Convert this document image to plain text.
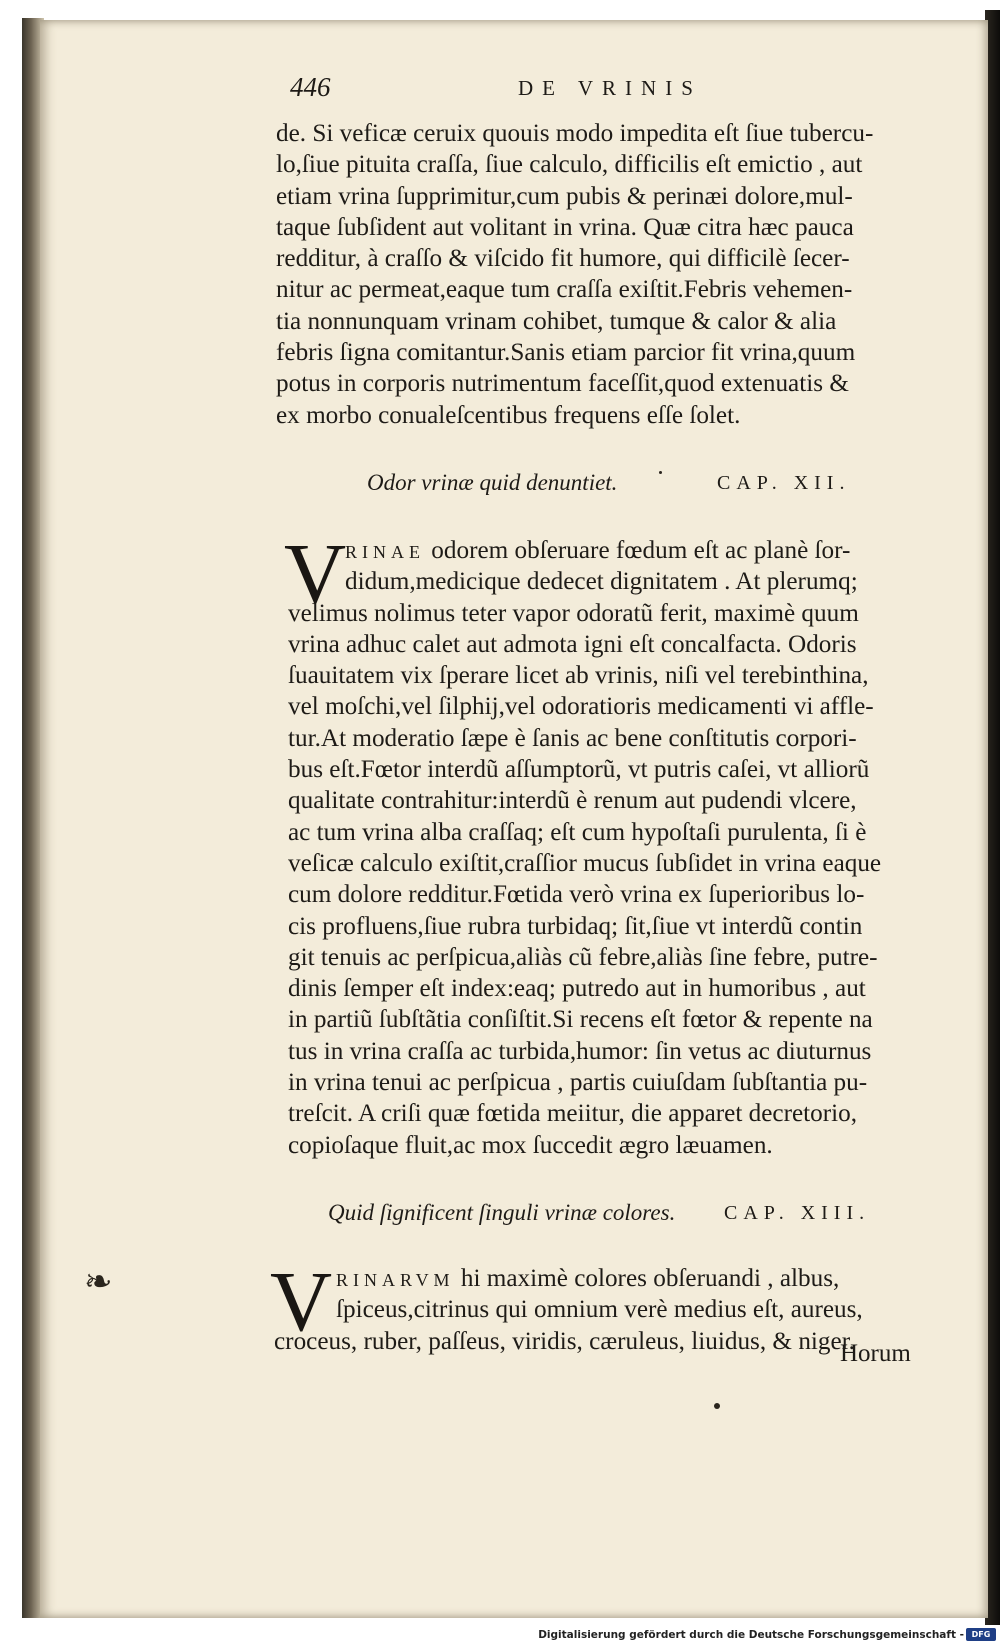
446	DE VRINIS
de. Si veficæ ceruix quouis modo impedita eſt ſiue tubercu-
lo,ſiue pituita craſſa, ſiue calculo, difficilis eſt emictio , aut
etiam vrina ſupprimitur,cum pubis & perinæi dolore,mul-
taque ſubſident aut volitant in vrina. Quæ citra hæc pauca
redditur, à craſſo & viſcido fit humore, qui difficilè ſecer-
nitur ac permeat,eaque tum craſſa exiſtit.Febris vehemen-
tia nonnunquam vrinam cohibet, tumque & calor & alia
febris ſigna comitantur.Sanis etiam parcior fit vrina,quum
potus in corporis nutrimentum faceſſit,quod extenuatis &
ex morbo conualeſcentibus frequens eſſe ſolet.
Odor vrinæ quid denuntiet.	CAP. XII.
V
RINAE odorem obſeruare fœdum eſt ac planè ſor-
didum,medicique dedecet dignitatem . At plerumq;
velimus nolimus teter vapor odoratũ ferit, maximè quum
vrina adhuc calet aut admota igni eſt concalfacta. Odoris
ſuauitatem vix ſperare licet ab vrinis, niſi vel terebinthina,
vel moſchi,vel ſilphij,vel odoratioris medicamenti vi affle-
tur.At moderatio ſæpe è ſanis ac bene conſtitutis corpori-
bus eſt.Fœtor interdũ aſſumptorũ, vt putris caſei, vt alliorũ
qualitate contrahitur:interdũ è renum aut pudendi vlcere,
ac tum vrina alba craſſaq; eſt cum hypoſtaſi purulenta, ſi è
veſicæ calculo exiſtit,craſſior mucus ſubſidet in vrina eaque
cum dolore redditur.Fœtida verò vrina ex ſuperioribus lo-
cis profluens,ſiue rubra turbidaq; ſit,ſiue vt interdũ contin
git tenuis ac perſpicua,aliàs cũ febre,aliàs ſine febre, putre-
dinis ſemper eſt index:eaq; putredo aut in humoribus , aut
in partiũ ſubſtãtia conſiſtit.Si recens eſt fœtor & repente na
tus in vrina craſſa ac turbida,humor: ſin vetus ac diuturnus
in vrina tenui ac perſpicua , partis cuiuſdam ſubſtantia pu-
treſcit. A criſi quæ fœtida meiitur, die apparet decretorio,
copioſaque fluit,ac mox ſuccedit ægro læuamen.
Quid ſignificent ſinguli vrinæ colores. CAP. XIII.
V RINARVM hi maximè colores obſeruandi , albus,
ſpiceus,citrinus qui omnium verè medius eſt, aureus,
croceus, ruber, paſſeus, viridis, cæruleus, liuidus, & niger.
Horum
❧
Digitalisierung gefördert durch die Deutsche Forschungsgemeinschaft - DFG
